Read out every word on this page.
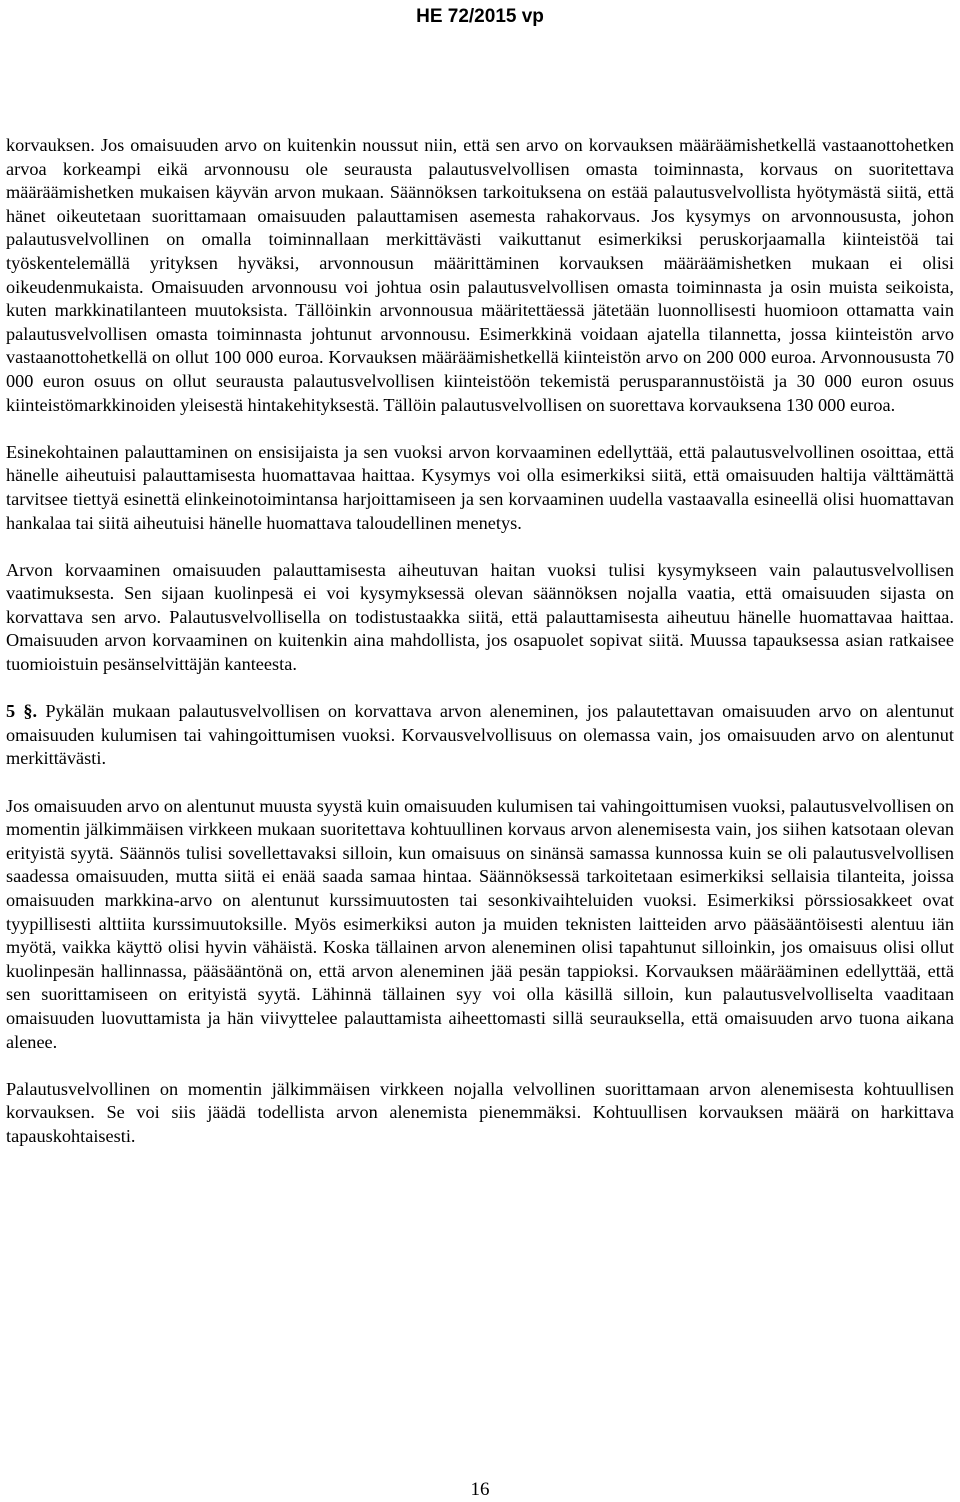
HE 72/2015 vp

korvauksen. Jos omaisuuden arvo on kuitenkin noussut niin, että sen arvo on korvauksen määräämishetkellä vastaanottohetken arvoa korkeampi eikä arvonnousu ole seurausta palautusvelvollisen omasta toiminnasta, korvaus on suoritettava määräämishetken mukaisen käyvän arvon mukaan. Säännöksen tarkoituksena on estää palautusvelvollista hyötymästä siitä, että hänet oikeutetaan suorittamaan omaisuuden palauttamisen asemesta rahakorvaus. Jos kysymys on arvonnoususta, johon palautusvelvollinen on omalla toiminnallaan merkittävästi vaikuttanut esimerkiksi peruskorjaamalla kiinteistöä tai työskentelemällä yrityksen hyväksi, arvonnousun määrittäminen korvauksen määräämishetken mukaan ei olisi oikeudenmukaista. Omaisuuden arvonnousu voi johtua osin palautusvelvollisen omasta toiminnasta ja osin muista seikoista, kuten markkinatilanteen muutoksista. Tällöinkin arvonnousua määritettäessä jätetään luonnollisesti huomioon ottamatta vain palautusvelvollisen omasta toiminnasta johtunut arvonnousu. Esimerkkinä voidaan ajatella tilannetta, jossa kiinteistön arvo vastaanottohetkellä on ollut 100 000 euroa. Korvauksen määräämishetkellä kiinteistön arvo on 200 000 euroa. Arvonnoususta 70 000 euron osuus on ollut seurausta palautusvelvollisen kiinteistöön tekemistä perusparannustöistä ja 30 000 euron osuus kiinteistömarkkinoiden yleisestä hintakehityksestä. Tällöin palautusvelvollisen on suorettava korvauksena 130 000 euroa.

Esinekohtainen palauttaminen on ensisijaista ja sen vuoksi arvon korvaaminen edellyttää, että palautusvelvollinen osoittaa, että hänelle aiheutuisi palauttamisesta huomattavaa haittaa. Kysymys voi olla esimerkiksi siitä, että omaisuuden haltija välttämättä tarvitsee tiettyä esinettä elinkeinotoimintansa harjoittamiseen ja sen korvaaminen uudella vastaavalla esineellä olisi huomattavan hankalaa tai siitä aiheutuisi hänelle huomattava taloudellinen menetys.

Arvon korvaaminen omaisuuden palauttamisesta aiheutuvan haitan vuoksi tulisi kysymykseen vain palautusvelvollisen vaatimuksesta. Sen sijaan kuolinpesä ei voi kysymyksessä olevan säännöksen nojalla vaatia, että omaisuuden sijasta on korvattava sen arvo. Palautusvelvollisella on todistustaakka siitä, että palauttamisesta aiheutuu hänelle huomattavaa haittaa. Omaisuuden arvon korvaaminen on kuitenkin aina mahdollista, jos osapuolet sopivat siitä. Muussa tapauksessa asian ratkaisee tuomioistuin pesänselvittäjän kanteesta.

5 §. Pykälän mukaan palautusvelvollisen on korvattava arvon aleneminen, jos palautettavan omaisuuden arvo on alentunut omaisuuden kulumisen tai vahingoittumisen vuoksi. Korvausvelvollisuus on olemassa vain, jos omaisuuden arvo on alentunut merkittävästi.

Jos omaisuuden arvo on alentunut muusta syystä kuin omaisuuden kulumisen tai vahingoittumisen vuoksi, palautusvelvollisen on momentin jälkimmäisen virkkeen mukaan suoritettava kohtuullinen korvaus arvon alenemisesta vain, jos siihen katsotaan olevan erityistä syytä. Säännös tulisi sovellettavaksi silloin, kun omaisuus on sinänsä samassa kunnossa kuin se oli palautusvelvollisen saadessa omaisuuden, mutta siitä ei enää saada samaa hintaa. Säännöksessä tarkoitetaan esimerkiksi sellaisia tilanteita, joissa omaisuuden markkina-arvo on alentunut kurssimuutosten tai sesonkivaihteluiden vuoksi. Esimerkiksi pörssiosakkeet ovat tyypillisesti alttiita kurssimuutoksille. Myös esimerkiksi auton ja muiden teknisten laitteiden arvo pääsääntöisesti alentuu iän myötä, vaikka käyttö olisi hyvin vähäistä. Koska tällainen arvon aleneminen olisi tapahtunut silloinkin, jos omaisuus olisi ollut kuolinpesän hallinnassa, pääsääntönä on, että arvon aleneminen jää pesän tappioksi. Korvauksen määrääminen edellyttää, että sen suorittamiseen on erityistä syytä. Lähinnä tällainen syy voi olla käsillä silloin, kun palautusvelvolliselta vaaditaan omaisuuden luovuttamista ja hän viivyttelee palauttamista aiheettomasti sillä seurauksella, että omaisuuden arvo tuona aikana alenee.

Palautusvelvollinen on momentin jälkimmäisen virkkeen nojalla velvollinen suorittamaan arvon alenemisesta kohtuullisen korvauksen. Se voi siis jäädä todellista arvon alenemista pienemmäksi. Kohtuullisen korvauksen määrä on harkittava tapauskohtaisesti.

16
